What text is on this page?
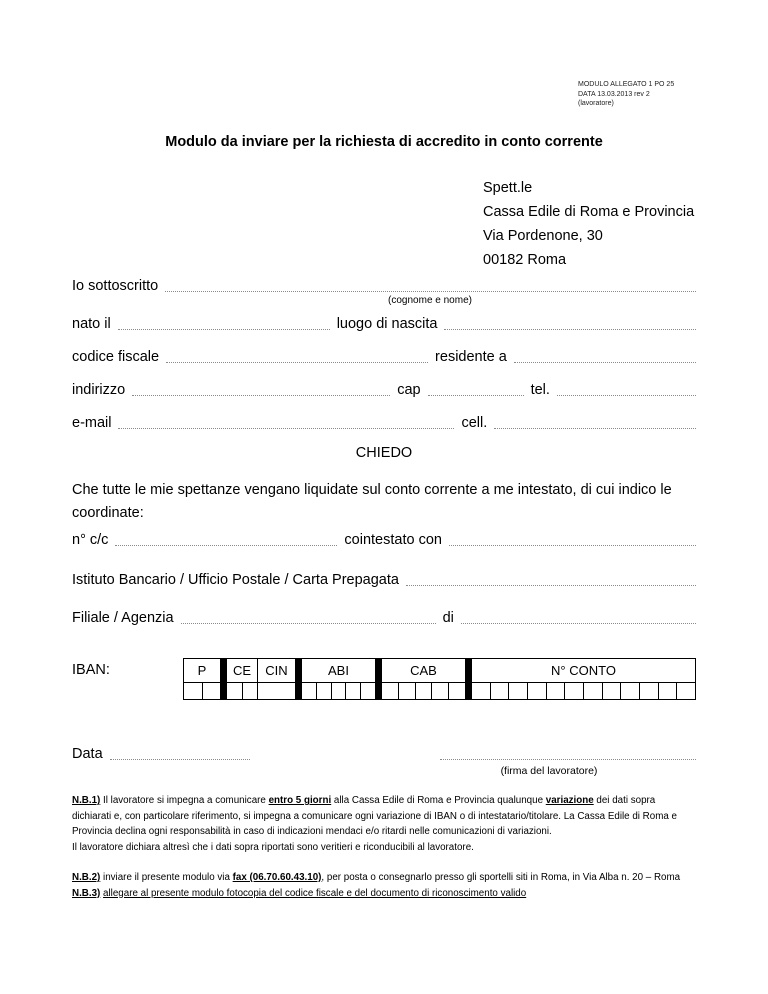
MODULO ALLEGATO 1 PO 25
DATA 13.03.2013 rev 2
(lavoratore)
Modulo da inviare per la richiesta di accredito in conto corrente
Spett.le
Cassa Edile di Roma e Provincia
Via Pordenone, 30
00182 Roma
Io sottoscritto
(cognome e nome)
nato il	luogo di nascita
codice fiscale	residente a
indirizzo	cap	tel.
e-mail	cell.
CHIEDO

Che tutte le mie spettanze vengano liquidate sul conto corrente a me intestato, di cui indico le coordinate:

n° c/c	cointestato con
Istituto Bancario / Ufficio Postale / Carta Prepagata
Filiale / Agenzia	di
IBAN:	P	CE	CIN	ABI	CAB	N° CONTO
Data
(firma del lavoratore)

N.B.1) Il lavoratore si impegna a comunicare entro 5 giorni alla Cassa Edile di Roma e Provincia qualunque variazione dei dati sopra dichiarati e, con particolare riferimento, si impegna a comunicare ogni variazione di IBAN o di intestatario/titolare. La Cassa Edile di Roma e Provincia declina ogni responsabilità in caso di indicazioni mendaci e/o ritardi nelle comunicazioni di variazioni.

Il lavoratore dichiara altresì che i dati sopra riportati sono veritieri e riconducibili al lavoratore.

N.B.2) inviare il presente modulo via fax (06.70.60.43.10), per posta o consegnarlo presso gli sportelli siti in Roma, in Via Alba n. 20 – Roma

N.B.3) allegare al presente modulo fotocopia del codice fiscale e del documento di riconoscimento valido
